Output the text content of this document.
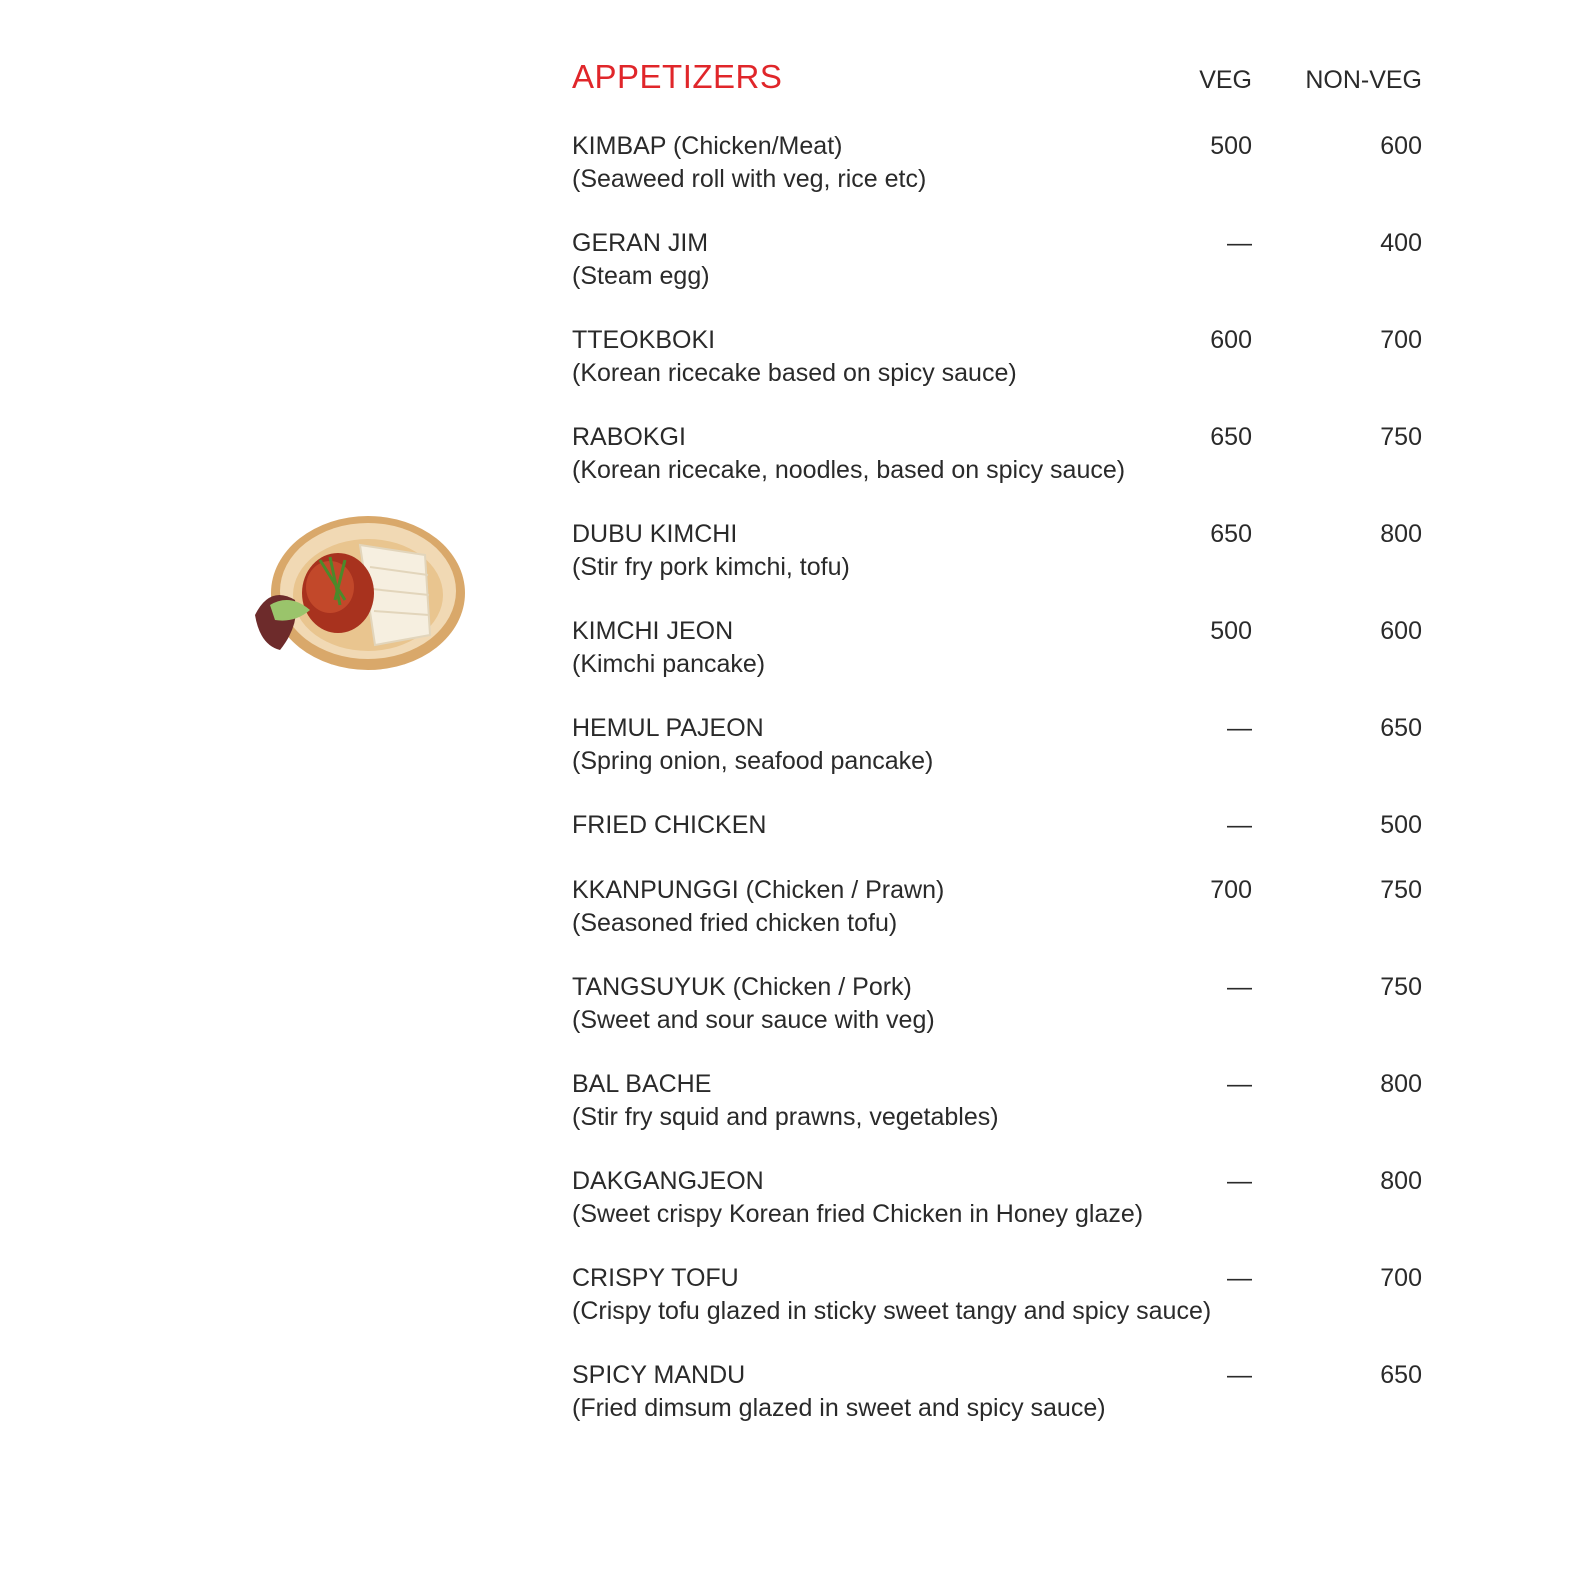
APPETIZERS	VEG NON-VEG
KIMBAP (Chicken/Meat)
(Seaweed roll with veg, rice etc)
500	600
GERAN JIM
(Steam egg)
—	400
TTEOKBOKI
(Korean ricecake based on spicy sauce)
600	700
RABOKGI
(Korean ricecake, noodles, based on spicy sauce)
650	750
DUBU KIMCHI
(Stir fry pork kimchi, tofu)
650	800
KIMCHI JEON
(Kimchi pancake)
500	600
HEMUL PAJEON
(Spring onion, seafood pancake)
—	650
FRIED CHICKEN	—	500
KKANPUNGGI (Chicken / Prawn)
(Seasoned fried chicken tofu)
700	750
TANGSUYUK (Chicken / Pork)
(Sweet and sour sauce with veg)
—	750
BAL BACHE
(Stir fry squid and prawns, vegetables)
—	800
DAKGANGJEON
(Sweet crispy Korean fried Chicken in Honey glaze)
—	800
CRISPY TOFU
(Crispy tofu glazed in sticky sweet tangy and spicy sauce)
—	700
SPICY MANDU
(Fried dimsum glazed in sweet and spicy sauce)
—	650
